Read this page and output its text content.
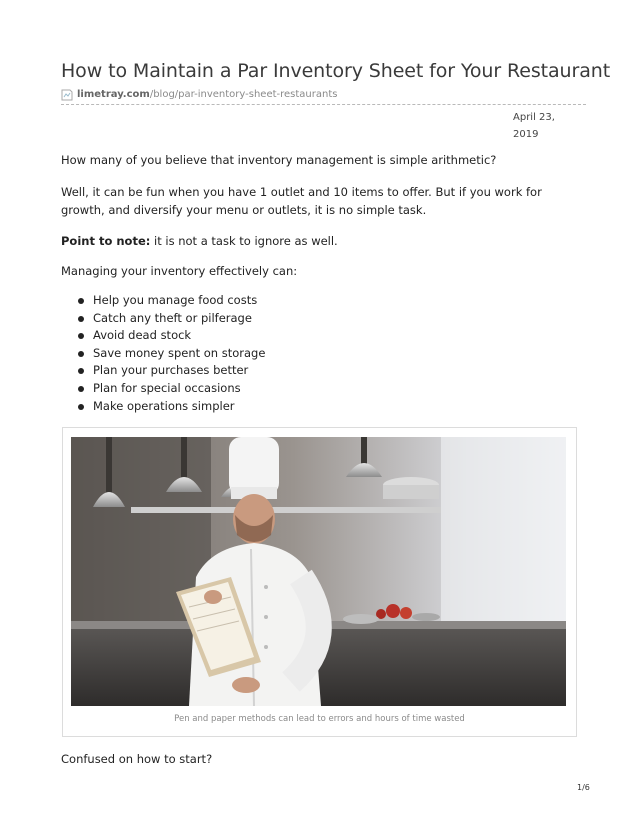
How to Maintain a Par Inventory Sheet for Your Restaurant
limetray.com/blog/par-inventory-sheet-restaurants
April 23,
2019

How many of you believe that inventory management is simple arithmetic?

Well, it can be fun when you have 1 outlet and 10 items to offer. But if you work for growth, and diversify your menu or outlets, it is no simple task.

Point to note: it is not a task to ignore as well.

Managing your inventory effectively can:

Help you manage food costs
Catch any theft or pilferage
Avoid dead stock
Save money spent on storage
Plan your purchases better
Plan for special occasions
Make operations simpler
Pen and paper methods can lead to errors and hours of time wasted

Confused on how to start?

1/6
